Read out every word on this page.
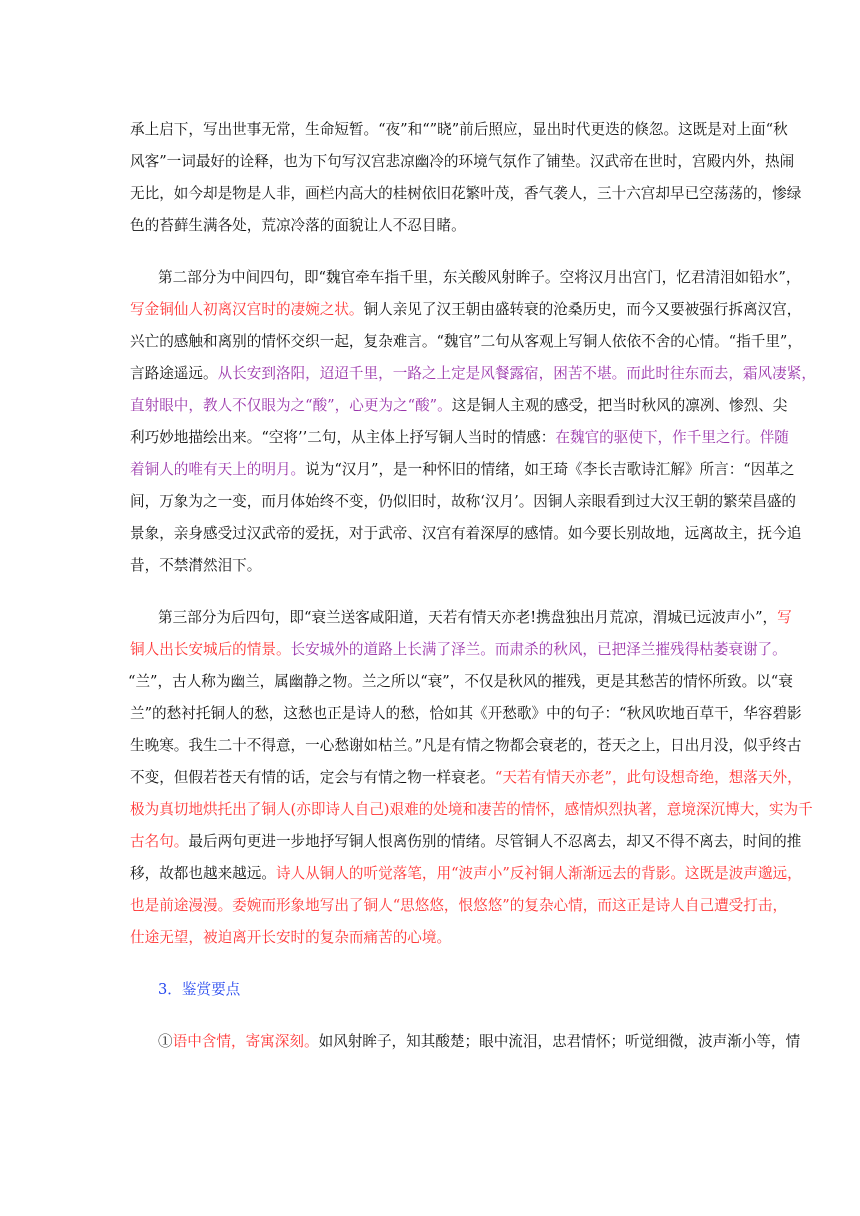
承上启下，写出世事无常，生命短暂。“夜”和“”晓”前后照应，显出时代更迭的倏忽。这既是对上面“秋
风客”一词最好的诠释，也为下句写汉宫悲凉幽冷的环境气氛作了铺垫。汉武帝在世时，宫殿内外，热闹
无比，如今却是物是人非，画栏内高大的桂树依旧花繁叶茂，香气袭人，三十六宫却早已空荡荡的，惨绿
色的苔藓生满各处，荒凉冷落的面貌让人不忍目睹。
第二部分为中间四句，即“魏官牵车指千里，东关酸风射眸子。空将汉月出宫门，忆君清泪如铅水”，
写金铜仙人初离汉宫时的凄婉之状。铜人亲见了汉王朝由盛转衰的沧桑历史，而今又要被强行拆离汉宫，
兴亡的感触和离别的情怀交织一起，复杂难言。“魏官”二句从客观上写铜人依依不舍的心情。“指千里”，
言路途遥远。从长安到洛阳，迢迢千里，一路之上定是风餐露宿，困苦不堪。而此时往东而去，霜风凄紧，
直射眼中，教人不仅眼为之“酸”，心更为之“酸”。这是铜人主观的感受，把当时秋风的凛冽、惨烈、尖
利巧妙地描绘出来。“空将’’二句，从主体上抒写铜人当时的情感：在魏官的驱使下，作千里之行。伴随
着铜人的唯有天上的明月。说为“汉月”，是一种怀旧的情绪，如王琦《李长吉歌诗汇解》所言：“因革之
间，万象为之一变，而月体始终不变，仍似旧时，故称‘汉月’。因铜人亲眼看到过大汉王朝的繁荣昌盛的
景象，亲身感受过汉武帝的爱抚，对于武帝、汉宫有着深厚的感情。如今要长别故地，远离故主，抚今追
昔，不禁潸然泪下。
第三部分为后四句，即“衰兰送客咸阳道，天若有情天亦老!携盘独出月荒凉，渭城已远波声小”，写
铜人出长安城后的情景。长安城外的道路上长满了泽兰。而肃杀的秋风，已把泽兰摧残得枯萎衰谢了。
“兰”，古人称为幽兰，属幽静之物。兰之所以“衰”，不仅是秋风的摧残，更是其愁苦的情怀所致。以“衰
兰”的愁衬托铜人的愁，这愁也正是诗人的愁，恰如其《开愁歌》中的句子：“秋风吹地百草干，华容碧影
生晚寒。我生二十不得意，一心愁谢如枯兰。”凡是有情之物都会衰老的，苍天之上，日出月没，似乎终古
不变，但假若苍天有情的话，定会与有情之物一样衰老。“天若有情天亦老”，此句设想奇绝，想落天外，
极为真切地烘托出了铜人(亦即诗人自己)艰难的处境和凄苦的情怀，感情炽烈执著，意境深沉博大，实为千
古名句。最后两句更进一步地抒写铜人恨离伤别的情绪。尽管铜人不忍离去，却又不得不离去，时间的推
移，故都也越来越远。诗人从铜人的听觉落笔，用“波声小”反衬铜人渐渐远去的背影。这既是波声邈远，
也是前途漫漫。委婉而形象地写出了铜人“思悠悠，恨悠悠”的复杂心情，而这正是诗人自己遭受打击，
仕途无望，被迫离开长安时的复杂而痛苦的心境。
3．鉴赏要点
①语中含情，寄寓深刻。如风射眸子，知其酸楚；眼中流泪，忠君情怀；听觉细微，波声渐小等，情
